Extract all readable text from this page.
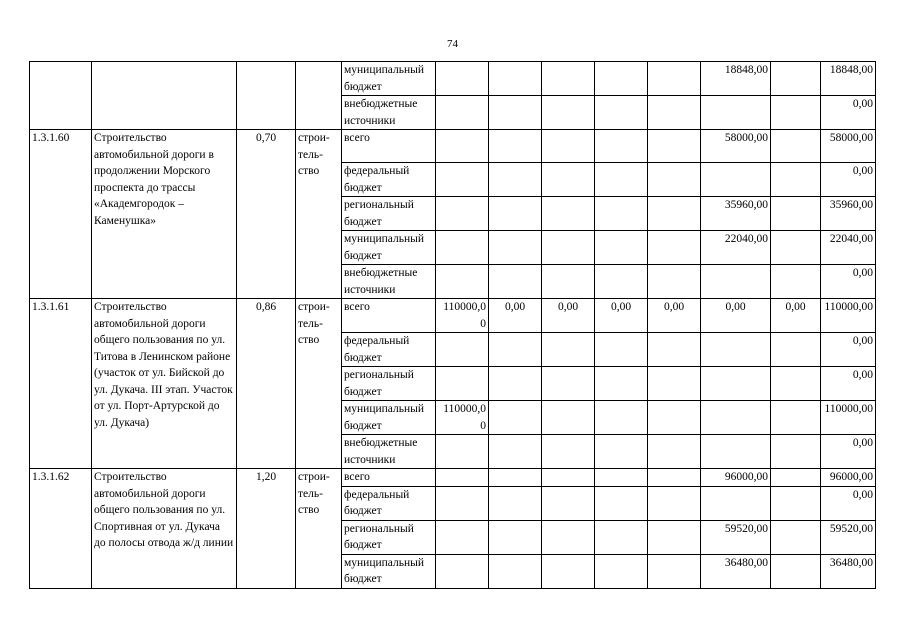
74
				муниципальный бюджет						18848,00		18848,00
				внебюджетные источники								0,00
1.3.1.60	Строительство автомобильной дороги в продолжении Морского проспекта до трассы «Академгородок – Каменушка»	0,70	строи-тель-ство	всего						58000,00		58000,00
				федеральный бюджет								0,00
				региональный бюджет						35960,00		35960,00
				муниципальный бюджет						22040,00		22040,00
				внебюджетные источники								0,00
1.3.1.61	Строительство автомобильной дороги общего пользования по ул. Титова в Ленинском районе (участок от ул. Бийской до ул. Дукача. III этап. Участок от ул. Порт-Артурской до ул. Дукача)	0,86	строи-тель-ство	всего	110000,00	0,00	0,00	0,00	0,00	0,00	0,00	110000,00
				федеральный бюджет								0,00
				региональный бюджет								0,00
				муниципальный бюджет	110000,00							110000,00
				внебюджетные источники								0,00
1.3.1.62	Строительство автомобильной дороги общего пользования по ул. Спортивная от ул. Дукача до полосы отвода ж/д линии	1,20	строи-тель-ство	всего						96000,00		96000,00
				федеральный бюджет								0,00
				региональный бюджет						59520,00		59520,00
				муниципальный бюджет						36480,00		36480,00
